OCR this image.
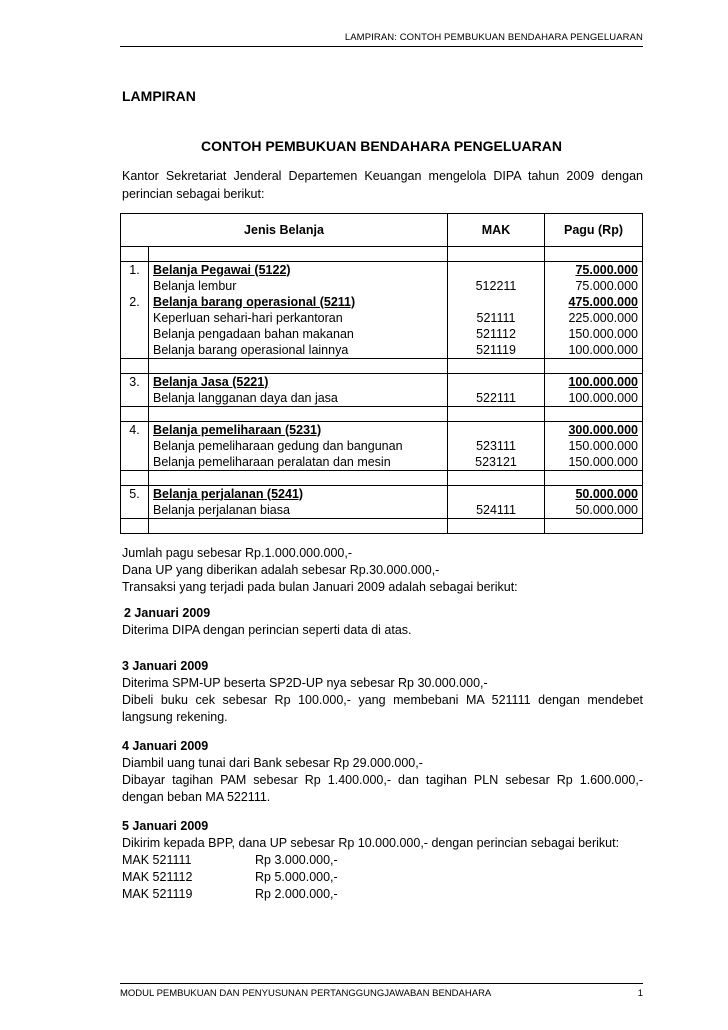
LAMPIRAN: CONTOH PEMBUKUAN BENDAHARA PENGELUARAN
LAMPIRAN
CONTOH PEMBUKUAN BENDAHARA PENGELUARAN
Kantor Sekretariat Jenderal Departemen Keuangan mengelola DIPA tahun 2009 dengan perincian sebagai berikut:
Jenis Belanja		MAK	Pagu (Rp)

1.	Belanja Pegawai (5122)		75.000.000
	Belanja lembur	512211	75.000.000
2.	Belanja barang operasional (5211)		475.000.000
	Keperluan sehari-hari perkantoran	521111	225.000.000
	Belanja pengadaan bahan makanan	521112	150.000.000
	Belanja barang operasional lainnya	521119	100.000.000

3.	Belanja Jasa (5221)		100.000.000
	Belanja langganan daya dan jasa	522111	100.000.000

4.	Belanja pemeliharaan (5231)		300.000.000
	Belanja pemeliharaan gedung dan bangunan	523111	150.000.000
	Belanja pemeliharaan peralatan dan mesin	523121	150.000.000

5.	Belanja perjalanan (5241)		50.000.000
	Belanja perjalanan biasa	524111	50.000.000

Jumlah pagu sebesar Rp.1.000.000.000,-
Dana UP yang diberikan adalah sebesar Rp.30.000.000,-
Transaksi yang terjadi pada bulan Januari 2009 adalah sebagai berikut:
2 Januari 2009
Diterima DIPA dengan perincian seperti data di atas.
3 Januari 2009
Diterima SPM-UP beserta SP2D-UP nya sebesar Rp 30.000.000,-
Dibeli buku cek sebesar Rp 100.000,- yang membebani MA 521111 dengan mendebet langsung rekening.
4 Januari 2009
Diambil uang tunai dari Bank sebesar Rp 29.000.000,-
Dibayar tagihan PAM sebesar Rp 1.400.000,- dan tagihan PLN sebesar Rp 1.600.000,- dengan beban MA 522111.
5 Januari 2009
Dikirim kepada BPP, dana UP sebesar Rp 10.000.000,- dengan perincian sebagai berikut:
MAK 521111	Rp 3.000.000,-
MAK 521112	Rp 5.000.000,-
MAK 521119	Rp 2.000.000,-
MODUL PEMBUKUAN DAN PENYUSUNAN PERTANGGUNGJAWABAN BENDAHARA	1
